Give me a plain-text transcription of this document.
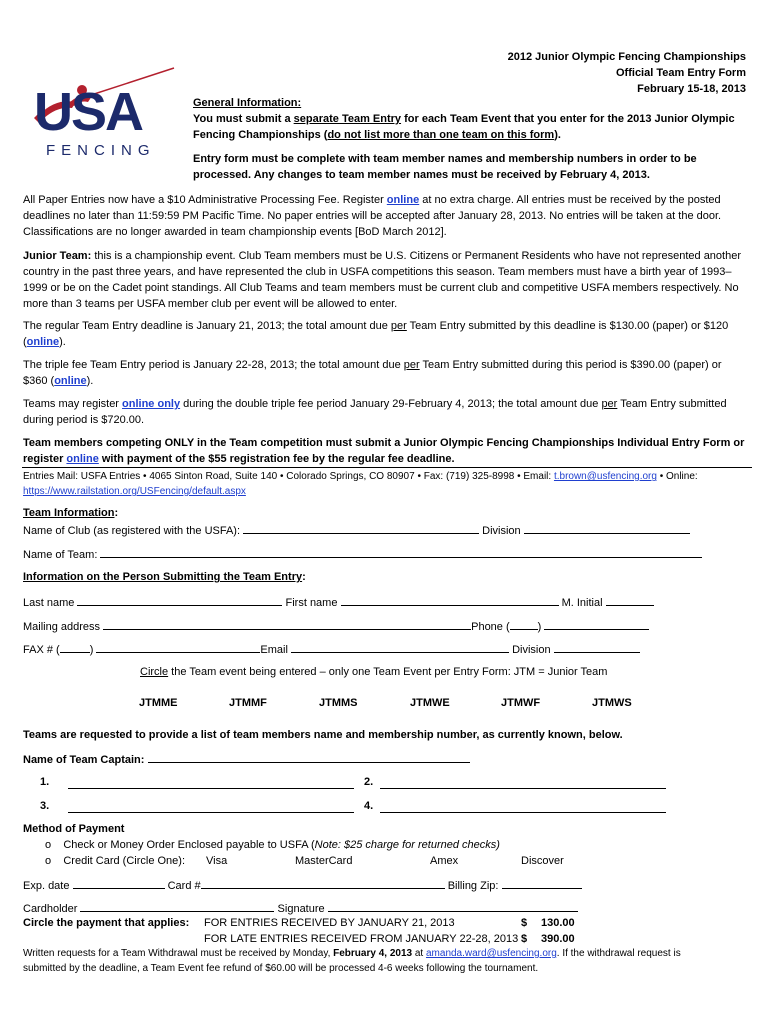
USA
FENCING
2012 Junior Olympic Fencing Championships
Official Team Entry Form
February 15-18, 2013
General Information:
You must submit a separate Team Entry for each Team Event that you enter for the 2013 Junior Olympic
Fencing Championships (do not list more than one team on this form).
Entry form must be complete with team member names and membership numbers in order to be
processed. Any changes to team member names must be received by February 4, 2013.
All Paper Entries now have a $10 Administrative Processing Fee. Register online at no extra charge. All entries must be received by the posted deadlines no later than 11:59:59 PM Pacific Time. No paper entries will be accepted after January 28, 2013. No entries will be taken at the door. Classifications are no longer awarded in team championship events [BoD March 2012].
Junior Team: this is a championship event. Club Team members must be U.S. Citizens or Permanent Residents who have not represented another country in the past three years, and have represented the club in USFA competitions this season. Team members must have a birth year of 1993–1999 or be on the Cadet point standings. All Club Teams and team members must be current club and competitive USFA members respectively. No more than 3 teams per USFA member club per event will be allowed to enter.
The regular Team Entry deadline is January 21, 2013; the total amount due per Team Entry submitted by this deadline is $130.00 (paper) or $120 (online).
The triple fee Team Entry period is January 22-28, 2013; the total amount due per Team Entry submitted during this period is $390.00 (paper) or $360 (online).
Teams may register online only during the double triple fee period January 29-February 4, 2013; the total amount due per Team Entry submitted during period is $720.00.
Team members competing ONLY in the Team competition must submit a Junior Olympic Fencing Championships Individual Entry Form or register online with payment of the $55 registration fee by the regular fee deadline.
Entries Mail: USFA Entries • 4065 Sinton Road, Suite 140 • Colorado Springs, CO 80907 • Fax: (719) 325-8998 • Email: t.brown@usfencing.org • Online:
https://www.railstation.org/USFencing/default.aspx
Team Information:
Name of Club (as registered with the USFA):	Division
Name of Team:
Information on the Person Submitting the Team Entry:
Last name	First name	M. Initial
Mailing address	Phone (	)
FAX # (	)	Email	Division
Circle the Team event being entered – only one Team Event per Entry Form: JTM = Junior Team
JTMME	JTMMF	JTMMS	JTMWE	JTMWF	JTMWS
Teams are requested to provide a list of team members name and membership number, as currently known, below.
Name of Team Captain:
1.	2.
3.	4.
Method of Payment
o Check or Money Order Enclosed payable to USFA (Note: $25 charge for returned checks)
o Credit Card (Circle One): Visa	MasterCard	Amex	Discover
Exp. date	Card #	Billing Zip:
Cardholder	Signature
Circle the payment that applies: FOR ENTRIES RECEIVED BY JANUARY 21, 2013	$ 130.00
FOR LATE ENTRIES RECEIVED FROM JANUARY 22-28, 2013 $ 390.00
Written requests for a Team Withdrawal must be received by Monday, February 4, 2013 at amanda.ward@usfencing.org. If the withdrawal request is
submitted by the deadline, a Team Event fee refund of $60.00 will be processed 4-6 weeks following the tournament.
